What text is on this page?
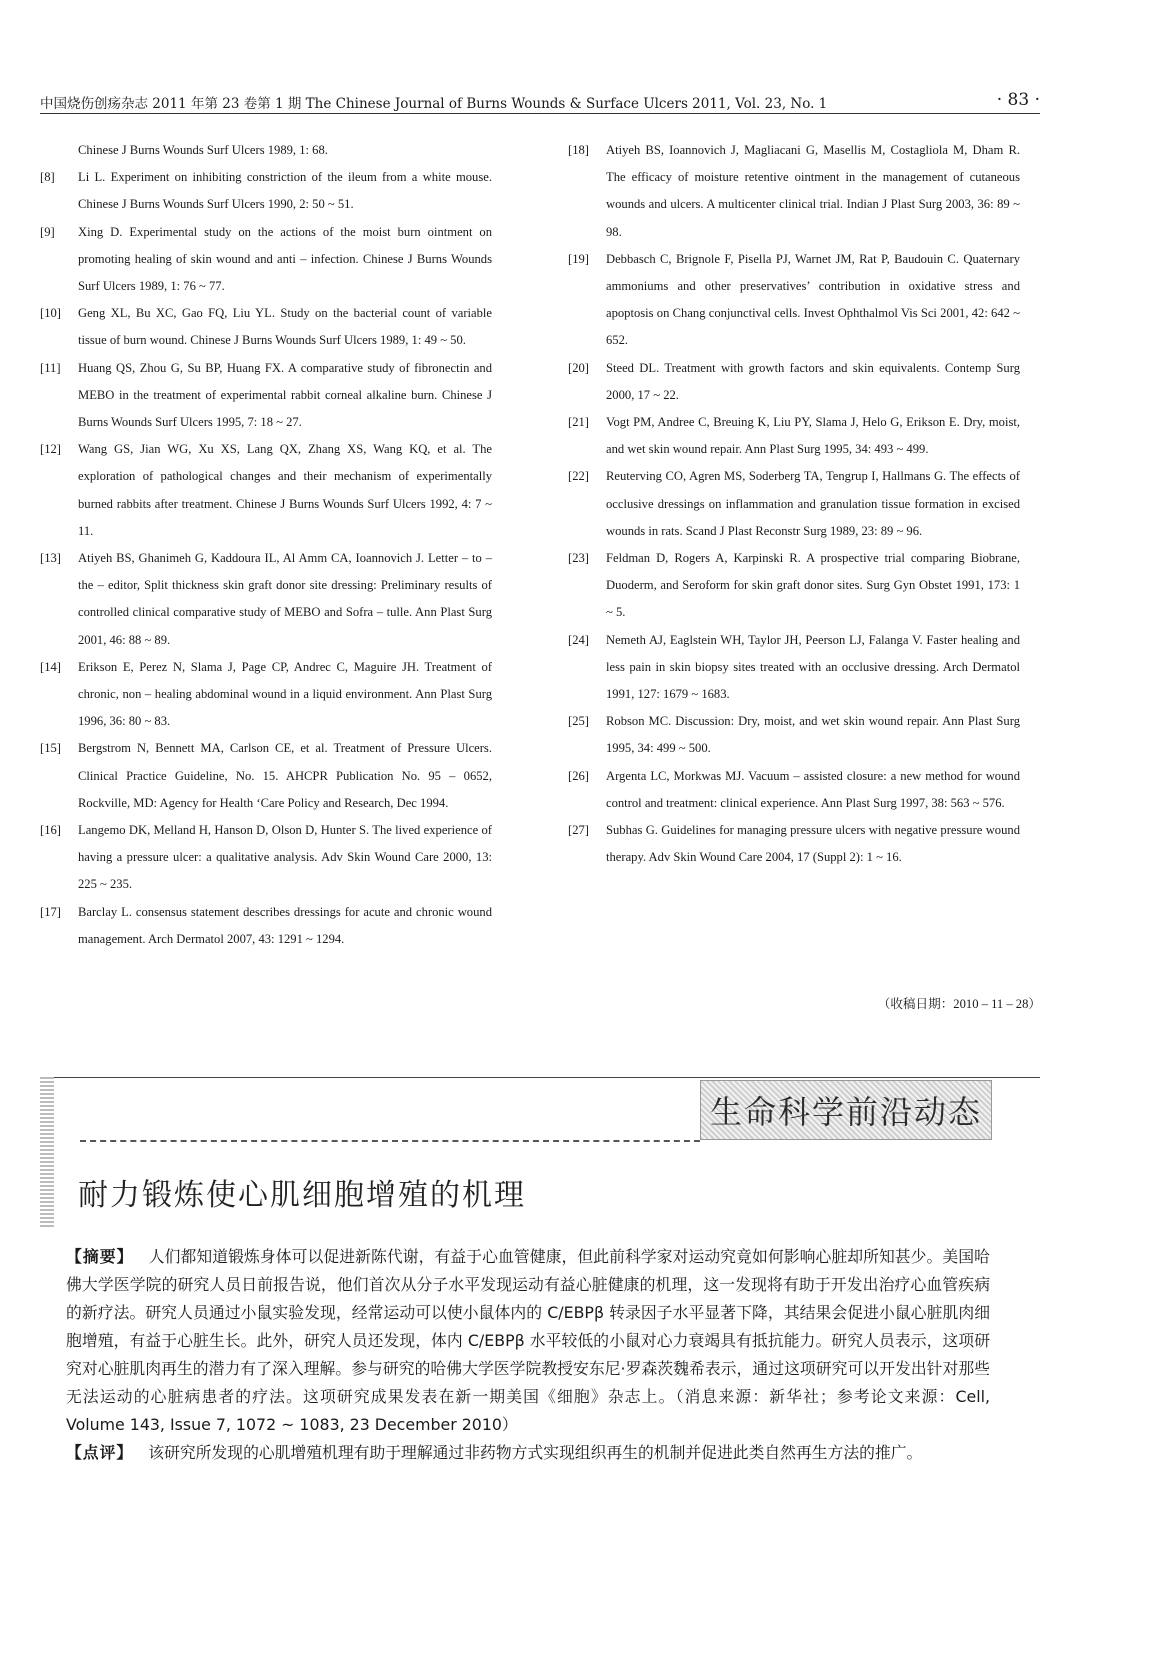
中国烧伤创疡杂志 2011 年第 23 卷第 1 期 The Chinese Journal of Burns Wounds & Surface Ulcers 2011, Vol. 23, No. 1	· 83 ·
Chinese J Burns Wounds Surf Ulcers 1989, 1: 68.
[8] Li L. Experiment on inhibiting constriction of the ileum from a white mouse. Chinese J Burns Wounds Surf Ulcers 1990, 2: 50 ~ 51.
[9] Xing D. Experimental study on the actions of the moist burn ointment on promoting healing of skin wound and anti – infection. Chinese J Burns Wounds Surf Ulcers 1989, 1: 76 ~ 77.
[10] Geng XL, Bu XC, Gao FQ, Liu YL. Study on the bacterial count of variable tissue of burn wound. Chinese J Burns Wounds Surf Ulcers 1989, 1: 49 ~ 50.
[11] Huang QS, Zhou G, Su BP, Huang FX. A comparative study of fibronectin and MEBO in the treatment of experimental rabbit corneal alkaline burn. Chinese J Burns Wounds Surf Ulcers 1995, 7: 18 ~ 27.
[12] Wang GS, Jian WG, Xu XS, Lang QX, Zhang XS, Wang KQ, et al. The exploration of pathological changes and their mechanism of experimentally burned rabbits after treatment. Chinese J Burns Wounds Surf Ulcers 1992, 4: 7 ~ 11.
[13] Atiyeh BS, Ghanimeh G, Kaddoura IL, Al Amm CA, Ioannovich J. Letter – to – the – editor, Split thickness skin graft donor site dressing: Preliminary results of controlled clinical comparative study of MEBO and Sofra – tulle. Ann Plast Surg 2001, 46: 88 ~ 89.
[14] Erikson E, Perez N, Slama J, Page CP, Andrec C, Maguire JH. Treatment of chronic, non – healing abdominal wound in a liquid environment. Ann Plast Surg 1996, 36: 80 ~ 83.
[15] Bergstrom N, Bennett MA, Carlson CE, et al. Treatment of Pressure Ulcers. Clinical Practice Guideline, No. 15. AHCPR Publication No. 95 – 0652, Rockville, MD: Agency for Health ‘Care Policy and Research, Dec 1994.
[16] Langemo DK, Melland H, Hanson D, Olson D, Hunter S. The lived experience of having a pressure ulcer: a qualitative analysis. Adv Skin Wound Care 2000, 13: 225 ~ 235.
[17] Barclay L. consensus statement describes dressings for acute and chronic wound management. Arch Dermatol 2007, 43: 1291 ~ 1294.
[18] Atiyeh BS, Ioannovich J, Magliacani G, Masellis M, Costagliola M, Dham R. The efficacy of moisture retentive ointment in the management of cutaneous wounds and ulcers. A multicenter clinical trial. Indian J Plast Surg 2003, 36: 89 ~ 98.
[19] Debbasch C, Brignole F, Pisella PJ, Warnet JM, Rat P, Baudouin C. Quaternary ammoniums and other preservatives’ contribution in oxidative stress and apoptosis on Chang conjunctival cells. Invest Ophthalmol Vis Sci 2001, 42: 642 ~ 652.
[20] Steed DL. Treatment with growth factors and skin equivalents. Contemp Surg 2000, 17 ~ 22.
[21] Vogt PM, Andree C, Breuing K, Liu PY, Slama J, Helo G, Erikson E. Dry, moist, and wet skin wound repair. Ann Plast Surg 1995, 34: 493 ~ 499.
[22] Reuterving CO, Agren MS, Soderberg TA, Tengrup I, Hallmans G. The effects of occlusive dressings on inflammation and granulation tissue formation in excised wounds in rats. Scand J Plast Reconstr Surg 1989, 23: 89 ~ 96.
[23] Feldman D, Rogers A, Karpinski R. A prospective trial comparing Biobrane, Duoderm, and Seroform for skin graft donor sites. Surg Gyn Obstet 1991, 173: 1 ~ 5.
[24] Nemeth AJ, Eaglstein WH, Taylor JH, Peerson LJ, Falanga V. Faster healing and less pain in skin biopsy sites treated with an occlusive dressing. Arch Dermatol 1991, 127: 1679 ~ 1683.
[25] Robson MC. Discussion: Dry, moist, and wet skin wound repair. Ann Plast Surg 1995, 34: 499 ~ 500.
[26] Argenta LC, Morkwas MJ. Vacuum – assisted closure: a new method for wound control and treatment: clinical experience. Ann Plast Surg 1997, 38: 563 ~ 576.
[27] Subhas G. Guidelines for managing pressure ulcers with negative pressure wound therapy. Adv Skin Wound Care 2004, 17 (Suppl 2): 1 ~ 16.
（收稿日期：2010 – 11 – 28）
生命科学前沿动态
耐力锻炼使心肌细胞增殖的机理

【摘要】 人们都知道锻炼身体可以促进新陈代谢，有益于心血管健康，但此前科学家对运动究竟如何影响心脏却所知甚少。美国哈佛大学医学院的研究人员日前报告说，他们首次从分子水平发现运动有益心脏健康的机理，这一发现将有助于开发出治疗心血管疾病的新疗法。研究人员通过小鼠实验发现，经常运动可以使小鼠体内的 C/EBPβ 转录因子水平显著下降，其结果会促进小鼠心脏肌肉细胞增殖，有益于心脏生长。此外，研究人员还发现，体内 C/EBPβ 水平较低的小鼠对心力衰竭具有抵抗能力。研究人员表示，这项研究对心脏肌肉再生的潜力有了深入理解。参与研究的哈佛大学医学院教授安东尼·罗森茨魏希表示，通过这项研究可以开发出针对那些无法运动的心脏病患者的疗法。这项研究成果发表在新一期美国《细胞》杂志上。（消息来源：新华社；参考论文来源：Cell, Volume 143, Issue 7, 1072 ~ 1083, 23 December 2010）

【点评】 该研究所发现的心肌增殖机理有助于理解通过非药物方式实现组织再生的机制并促进此类自然再生方法的推广。
